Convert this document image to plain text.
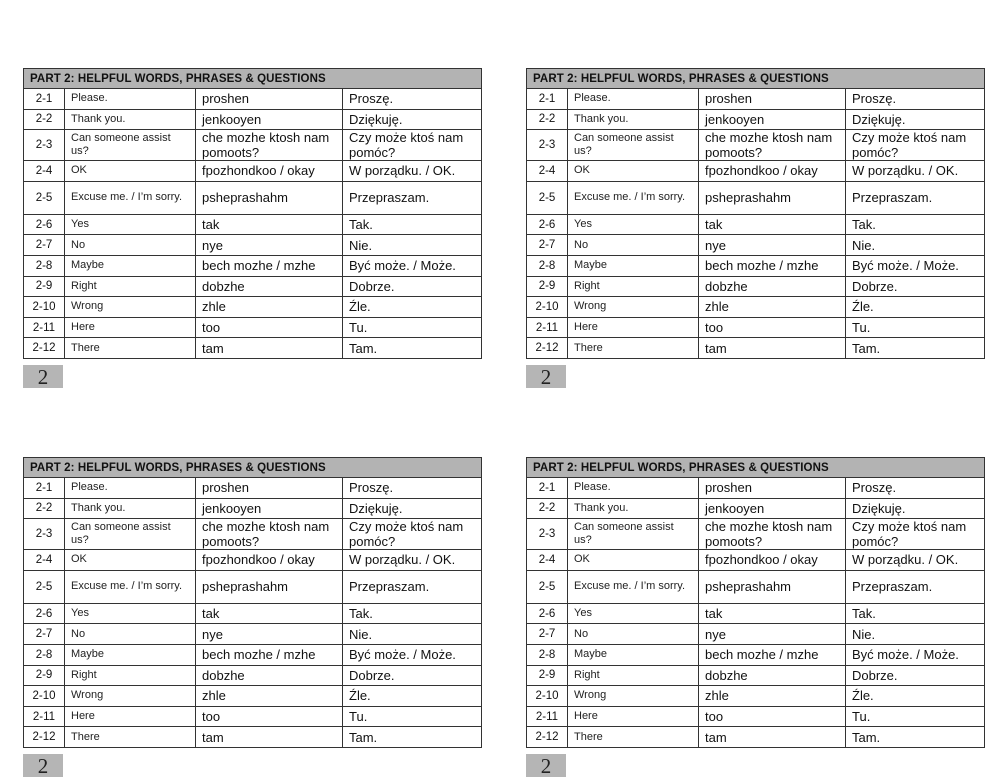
PART 2: HELPFUL WORDS, PHRASES & QUESTIONS			
2-1	Please.	proshen	Proszę.
2-2	Thank you.	jenkooyen	Dziękuję.
2-3	Can someone assist us?	che mozhe ktosh nam pomoots?	Czy może ktoś nam pomóc?
2-4	OK	fpozhondkoo / okay	W porządku. / OK.
2-5	Excuse me. / I’m sorry.	psheprashahm	Przepraszam.
2-6	Yes	tak	Tak.
2-7	No	nye	Nie.
2-8	Maybe	bech mozhe / mzhe	Być może. / Może.
2-9	Right	dobzhe	Dobrze.
2-10	Wrong	zhle	Źle.
2-11	Here	too	Tu.
2-12	There	tam	Tam.
2
PART 2: HELPFUL WORDS, PHRASES & QUESTIONS			
2-1	Please.	proshen	Proszę.
2-2	Thank you.	jenkooyen	Dziękuję.
2-3	Can someone assist us?	che mozhe ktosh nam pomoots?	Czy może ktoś nam pomóc?
2-4	OK	fpozhondkoo / okay	W porządku. / OK.
2-5	Excuse me. / I’m sorry.	psheprashahm	Przepraszam.
2-6	Yes	tak	Tak.
2-7	No	nye	Nie.
2-8	Maybe	bech mozhe / mzhe	Być może. / Może.
2-9	Right	dobzhe	Dobrze.
2-10	Wrong	zhle	Źle.
2-11	Here	too	Tu.
2-12	There	tam	Tam.
2
PART 2: HELPFUL WORDS, PHRASES & QUESTIONS			
2-1	Please.	proshen	Proszę.
2-2	Thank you.	jenkooyen	Dziękuję.
2-3	Can someone assist us?	che mozhe ktosh nam pomoots?	Czy może ktoś nam pomóc?
2-4	OK	fpozhondkoo / okay	W porządku. / OK.
2-5	Excuse me. / I’m sorry.	psheprashahm	Przepraszam.
2-6	Yes	tak	Tak.
2-7	No	nye	Nie.
2-8	Maybe	bech mozhe / mzhe	Być może. / Może.
2-9	Right	dobzhe	Dobrze.
2-10	Wrong	zhle	Źle.
2-11	Here	too	Tu.
2-12	There	tam	Tam.
2
PART 2: HELPFUL WORDS, PHRASES & QUESTIONS			
2-1	Please.	proshen	Proszę.
2-2	Thank you.	jenkooyen	Dziękuję.
2-3	Can someone assist us?	che mozhe ktosh nam pomoots?	Czy może ktoś nam pomóc?
2-4	OK	fpozhondkoo / okay	W porządku. / OK.
2-5	Excuse me. / I’m sorry.	psheprashahm	Przepraszam.
2-6	Yes	tak	Tak.
2-7	No	nye	Nie.
2-8	Maybe	bech mozhe / mzhe	Być może. / Może.
2-9	Right	dobzhe	Dobrze.
2-10	Wrong	zhle	Źle.
2-11	Here	too	Tu.
2-12	There	tam	Tam.
2
